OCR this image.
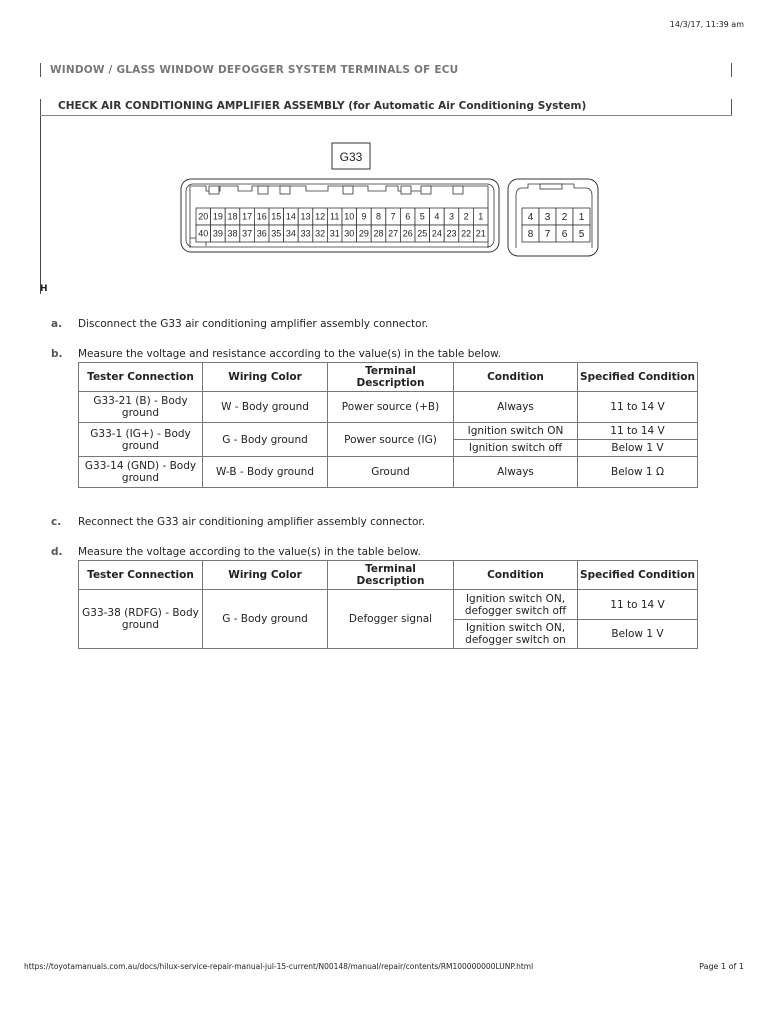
14/3/17, 11:39 am
WINDOW / GLASS WINDOW DEFOGGER SYSTEM TERMINALS OF ECU
CHECK AIR CONDITIONING AMPLIFIER ASSEMBLY (for Automatic Air Conditioning System)
G33
20 19 18 17 16 15 14 13 12 11 10 9 8 7 6 5 4 3 2 1
40 39 38 37 36 35 34 33 32 31 30 29 28 27 26 25 24 23 22 21
4 3 2 1
8 7 6 5
H
a. Disconnect the G33 air conditioning amplifier assembly connector.
b. Measure the voltage and resistance according to the value(s) in the table below.
Tester Connection	Wiring Color	Terminal Description	Condition	Specified Condition
G33-21 (B) - Body ground	W - Body ground	Power source (+B)	Always	11 to 14 V
G33-1 (IG+) - Body ground	G - Body ground	Power source (IG)	Ignition switch ON	11 to 14 V
			Ignition switch off	Below 1 V
G33-14 (GND) - Body ground	W-B - Body ground	Ground	Always	Below 1 Ω
c. Reconnect the G33 air conditioning amplifier assembly connector.
d. Measure the voltage according to the value(s) in the table below.
Tester Connection	Wiring Color	Terminal Description	Condition	Specified Condition
G33-38 (RDFG) - Body ground	G - Body ground	Defogger signal	Ignition switch ON, defogger switch off	11 to 14 V
			Ignition switch ON, defogger switch on	Below 1 V
https://toyotamanuals.com.au/docs/hilux-service-repair-manual-jul-15-current/N00148/manual/repair/contents/RM100000000LUNP.html	Page 1 of 1
